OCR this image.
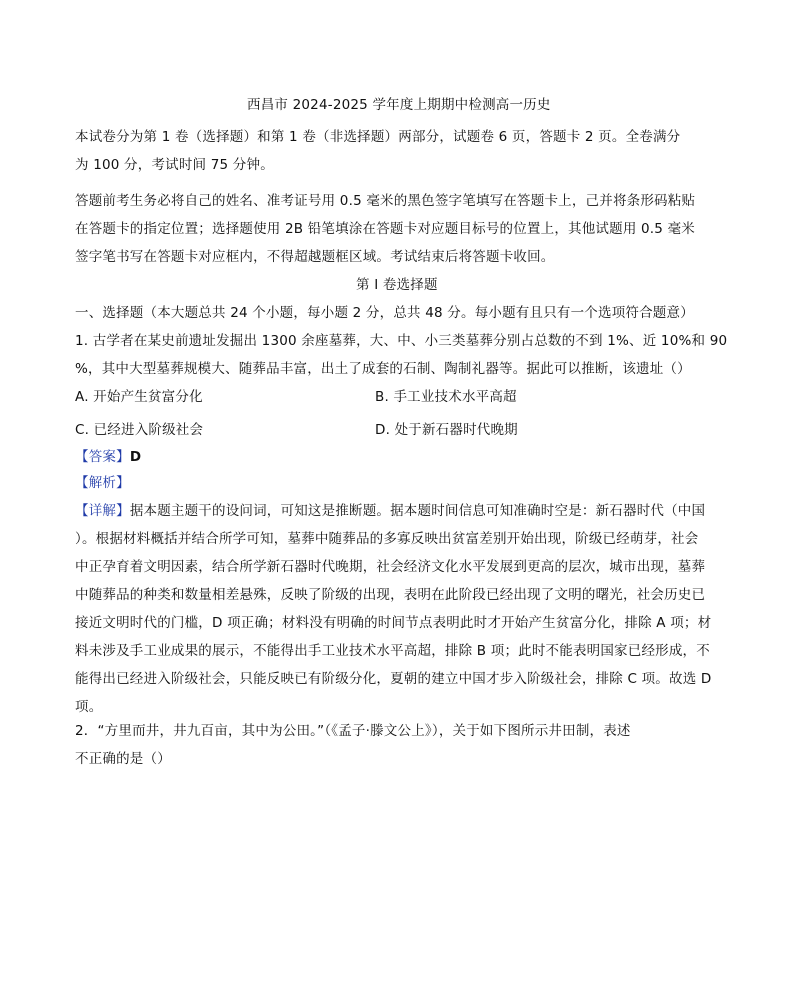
西昌市 2024-2025 学年度上期期中检测高一历史
本试卷分为第 1 卷（选择题）和第 1 卷（非选择题）两部分，试题卷 6 页，答题卡 2 页。全卷满分
为 100 分，考试时间 75 分钟。
答题前考生务必将自己的姓名、准考证号用 0.5 毫米的黑色签字笔填写在答题卡上，己并将条形码粘贴
在答题卡的指定位置；选择题使用 2B 铅笔填涂在答题卡对应题目标号的位置上，其他试题用 0.5 毫米
签字笔书写在答题卡对应框内，不得超越题框区域。考试结束后将答题卡收回。
第 I 卷选择题
一、选择题（本大题总共 24 个小题，每小题 2 分，总共 48 分。每小题有且只有一个选项符合题意）
1. 古学者在某史前遗址发掘出 1300 余座墓葬，大、中、小三类墓葬分别占总数的不到 1%、近 10%和 90
%，其中大型墓葬规模大、随葬品丰富，出土了成套的石制、陶制礼器等。据此可以推断，该遗址（）
A. 开始产生贫富分化	B. 手工业技术水平高超
C. 已经进入阶级社会	D. 处于新石器时代晚期
【答案】D
【解析】
【详解】据本题主题干的设问词，可知这是推断题。据本题时间信息可知准确时空是：新石器时代（中国
）。根据材料概括并结合所学可知，墓葬中随葬品的多寡反映出贫富差别开始出现，阶级已经萌芽，社会
中正孕育着文明因素，结合所学新石器时代晚期，社会经济文化水平发展到更高的层次，城市出现，墓葬
中随葬品的种类和数量相差悬殊，反映了阶级的出现，表明在此阶段已经出现了文明的曙光，社会历史已
接近文明时代的门槛，D 项正确；材料没有明确的时间节点表明此时才开始产生贫富分化，排除 A 项；材
料未涉及手工业成果的展示，不能得出手工业技术水平高超，排除 B 项；此时不能表明国家已经形成，不
能得出已经进入阶级社会，只能反映已有阶级分化，夏朝的建立中国才步入阶级社会，排除 C 项。故选 D
项。
2．“方里而井，井九百亩，其中为公田。”（《孟子·滕文公上》），关于如下图所示井田制，表述
不正确的是（）
